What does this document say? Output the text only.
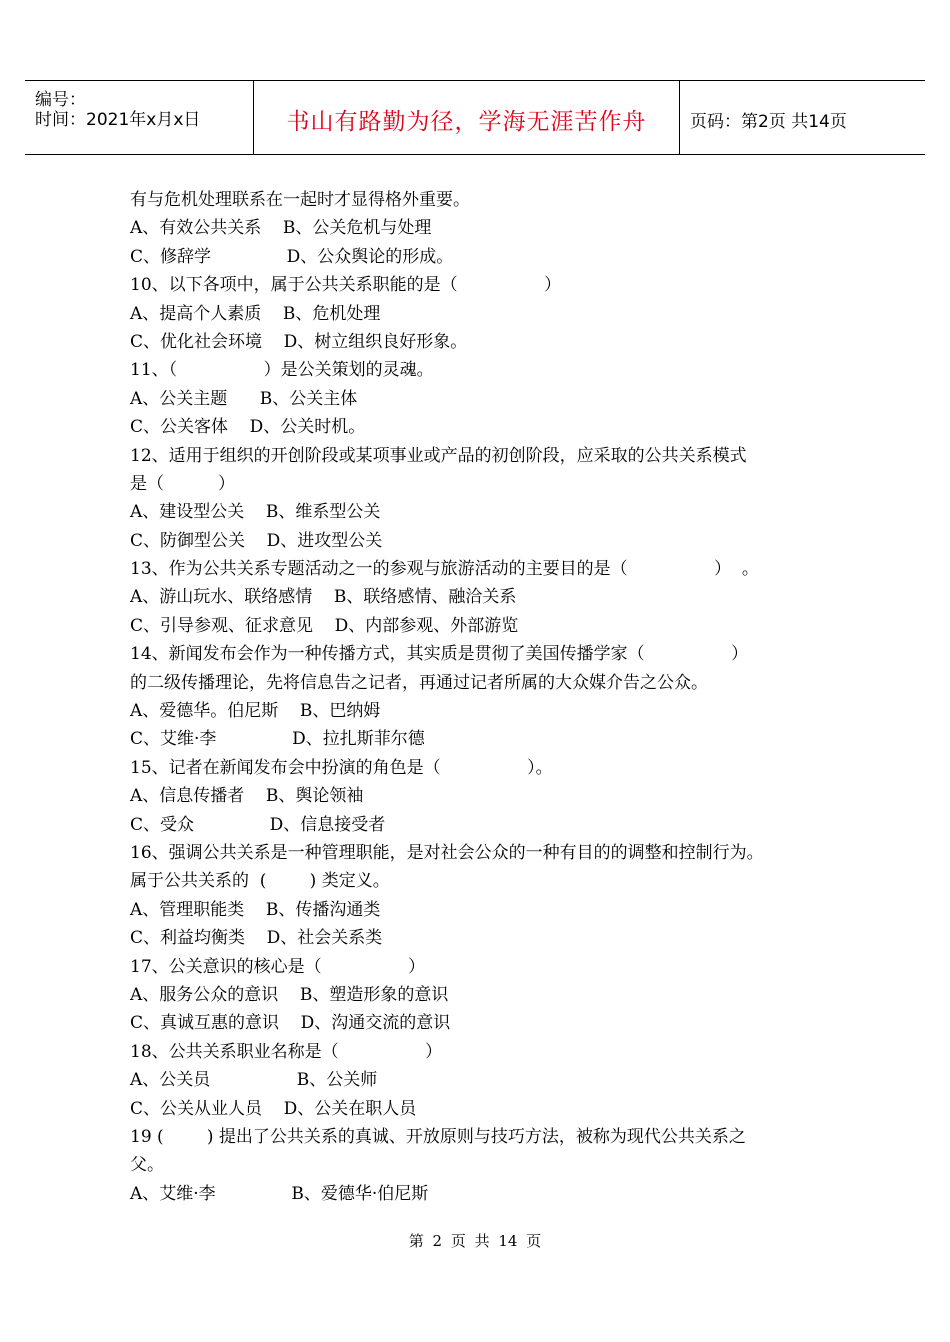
编号：
时间：2021年x月x日	书山有路勤为径，学海无涯苦作舟	页码：第2页 共14页
有与危机处理联系在一起时才显得格外重要。
A、有效公共关系    B、公关危机与处理
C、修辞学              D、公众舆论的形成。
10、以下各项中，属于公共关系职能的是（                ）
A、提高个人素质    B、危机处理
C、优化社会环境    D、树立组织良好形象。
11、（                ）是公关策划的灵魂。
A、公关主题      B、公关主体
C、公关客体    D、公关时机。
12、适用于组织的开创阶段或某项事业或产品的初创阶段，应采取的公共关系模式
是（          ）
A、建设型公关    B、维系型公关
C、防御型公关    D、进攻型公关
13、作为公共关系专题活动之一的参观与旅游活动的主要目的是（                ）  。
A、游山玩水、联络感情    B、联络感情、融洽关系
C、引导参观、征求意见    D、内部参观、外部游览
14、新闻发布会作为一种传播方式，其实质是贯彻了美国传播学家（                ）
的二级传播理论，先将信息告之记者，再通过记者所属的大众媒介告之公众。
A、爱德华。伯尼斯    B、巴纳姆
C、艾维·李              D、拉扎斯菲尔德
15、记者在新闻发布会中扮演的角色是（                ）。
A、信息传播者    B、舆论领袖
C、受众              D、信息接受者
16、强调公共关系是一种管理职能，是对社会公众的一种有目的的调整和控制行为。
属于公共关系的  (        ) 类定义。
A、管理职能类    B、传播沟通类
C、利益均衡类    D、社会关系类
17、公关意识的核心是（                ）
A、服务公众的意识    B、塑造形象的意识
C、真诚互惠的意识    D、沟通交流的意识
18、公共关系职业名称是（                ）
A、公关员                B、公关师
C、公关从业人员    D、公关在职人员
19 (        ) 提出了公共关系的真诚、开放原则与技巧方法，被称为现代公共关系之
父。
A、艾维·李              B、爱德华·伯尼斯
第 2 页 共 14 页
